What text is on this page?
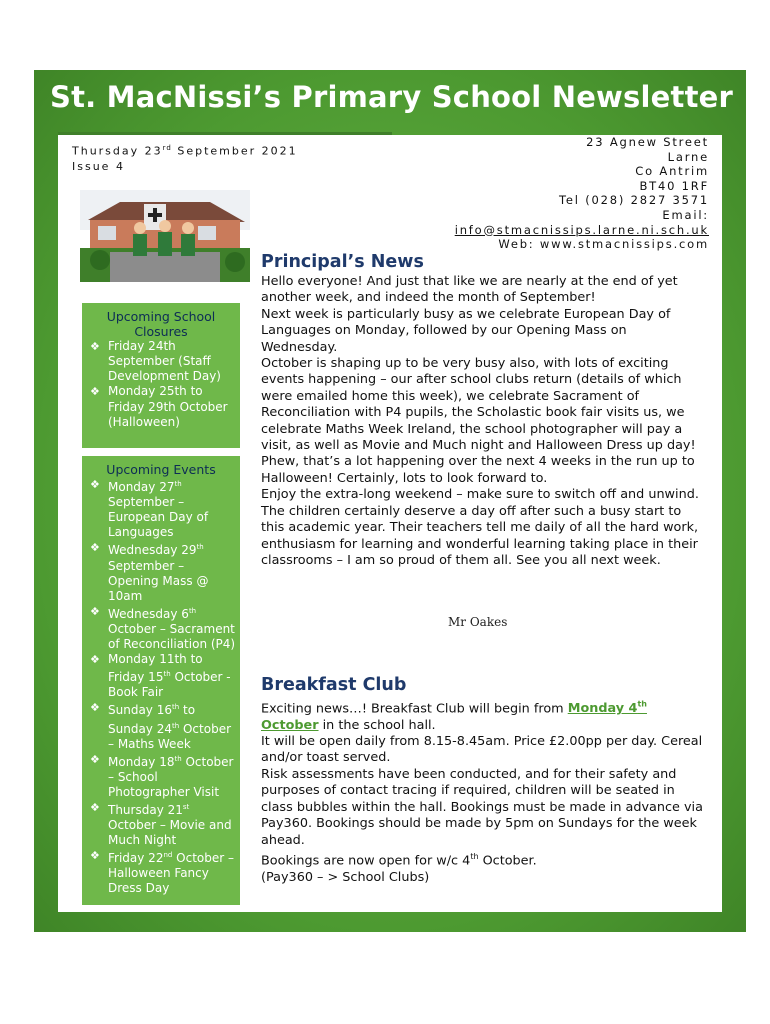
St. MacNissi’s Primary School Newsletter
Thursday 23rd September 2021
Issue 4
23 Agnew Street
Larne
Co Antrim
BT40 1RF
Tel (028) 2827 3571
Email:
info@stmacnissips.larne.ni.sch.uk
Web: www.stmacnissips.com
Upcoming School Closures
❖ Friday 24th September (Staff Development Day)
❖ Monday 25th to Friday 29th October (Halloween)
Upcoming Events
❖ Monday 27th September – European Day of Languages
❖ Wednesday 29th September – Opening Mass @ 10am
❖ Wednesday 6th October – Sacrament of Reconciliation (P4)
❖ Monday 11th to Friday 15th October - Book Fair
❖ Sunday 16th to Sunday 24th October – Maths Week
❖ Monday 18th October – School Photographer Visit
❖ Thursday 21st October – Movie and Much Night
❖ Friday 22nd October – Halloween Fancy Dress Day
Principal’s News

Hello everyone! And just that like we are nearly at the end of yet another week, and indeed the month of September!

Next week is particularly busy as we celebrate European Day of Languages on Monday, followed by our Opening Mass on Wednesday.

October is shaping up to be very busy also, with lots of exciting events happening – our after school clubs return (details of which were emailed home this week), we celebrate Sacrament of Reconciliation with P4 pupils, the Scholastic book fair visits us, we celebrate Maths Week Ireland, the school photographer will pay a visit, as well as Movie and Much night and Halloween Dress up day! Phew, that’s a lot happening over the next 4 weeks in the run up to Halloween! Certainly, lots to look forward to.

Enjoy the extra-long weekend – make sure to switch off and unwind. The children certainly deserve a day off after such a busy start to this academic year. Their teachers tell me daily of all the hard work, enthusiasm for learning and wonderful learning taking place in their classrooms – I am so proud of them all. See you all next week.

Mr Oakes
Breakfast Club

Exciting news…! Breakfast Club will begin from Monday 4th
October in the school hall.

It will be open daily from 8.15-8.45am. Price £2.00pp per day. Cereal and/or toast served.

Risk assessments have been conducted, and for their safety and purposes of contact tracing if required, children will be seated in class bubbles within the hall. Bookings must be made in advance via Pay360. Bookings should be made by 5pm on Sundays for the week ahead.

Bookings are now open for w/c 4th October.

(Pay360 – > School Clubs)
